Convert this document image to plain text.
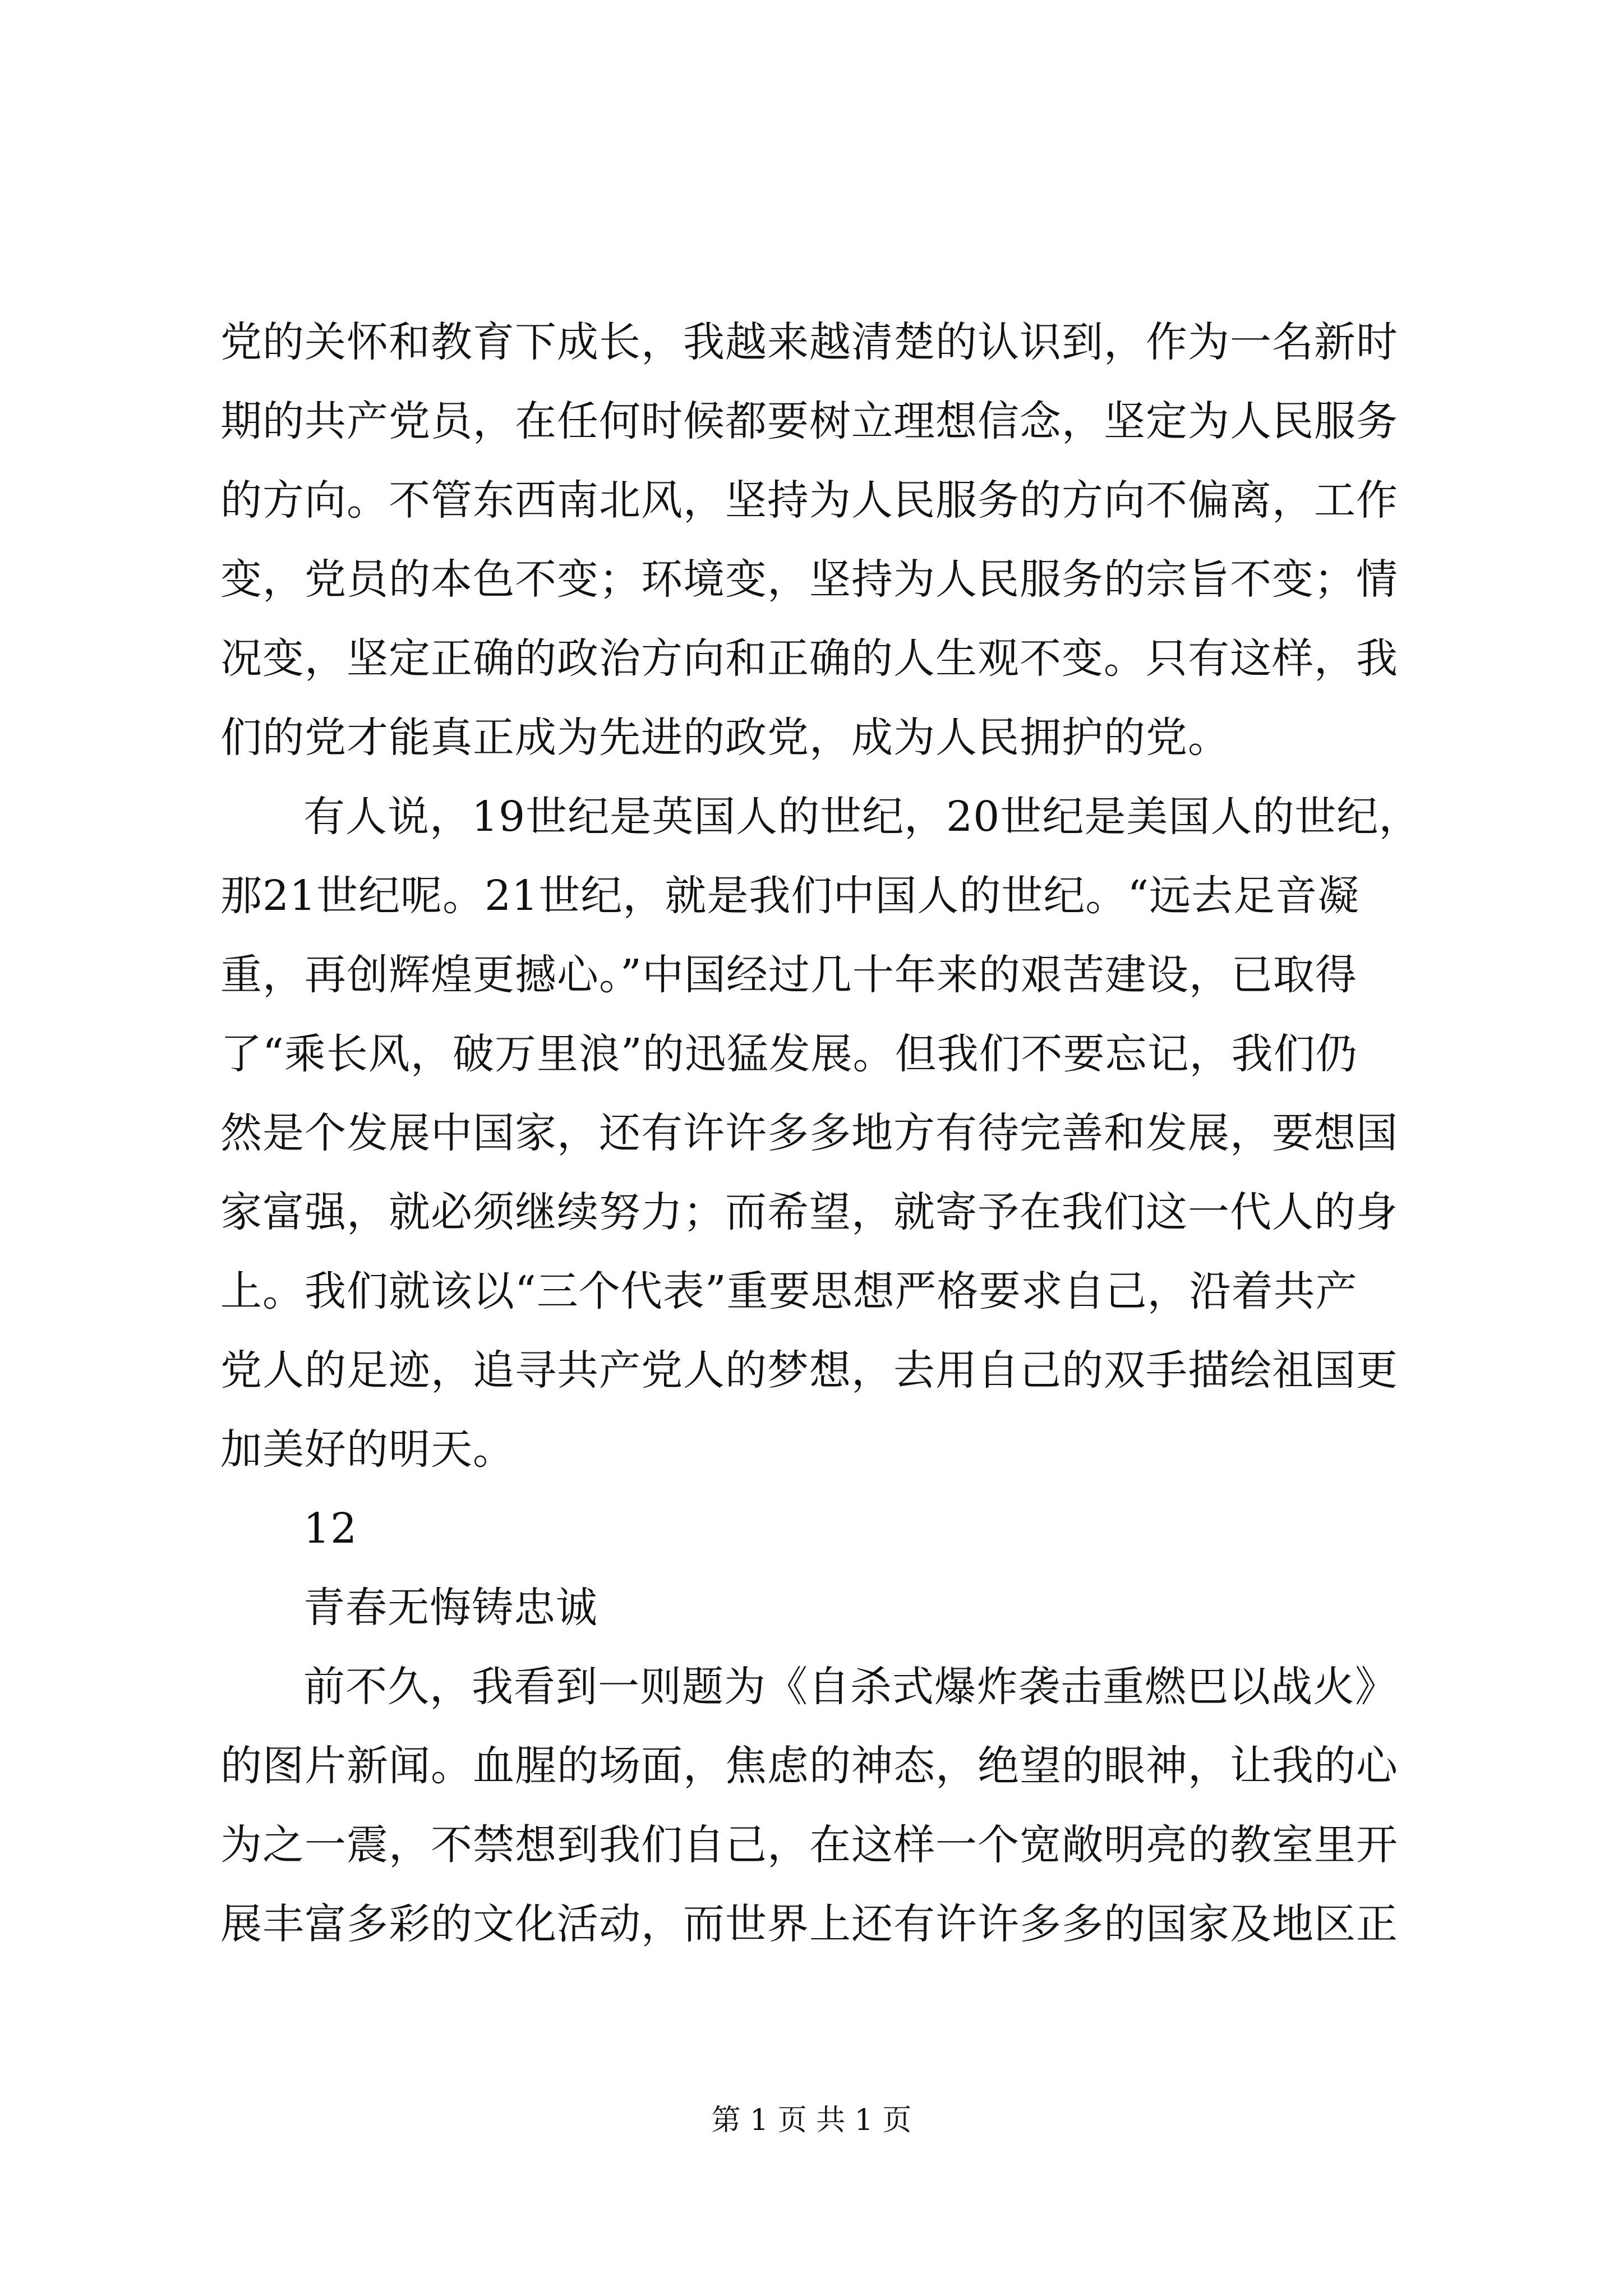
党的关怀和教育下成长，我越来越清楚的认识到，作为一名新时
期的共产党员，在任何时候都要树立理想信念，坚定为人民服务
的方向。不管东西南北风，坚持为人民服务的方向不偏离，工作
变，党员的本色不变；环境变，坚持为人民服务的宗旨不变；情
况变，坚定正确的政治方向和正确的人生观不变。只有这样，我
们的党才能真正成为先进的政党，成为人民拥护的党。
有人说，19世纪是英国人的世纪，20世纪是美国人的世纪，
那21世纪呢。21世纪，就是我们中国人的世纪。“远去足音凝
重，再创辉煌更撼心。”中国经过几十年来的艰苦建设，已取得
了“乘长风，破万里浪”的迅猛发展。但我们不要忘记，我们仍
然是个发展中国家，还有许许多多地方有待完善和发展，要想国
家富强，就必须继续努力；而希望，就寄予在我们这一代人的身
上。我们就该以“三个代表”重要思想严格要求自己，沿着共产
党人的足迹，追寻共产党人的梦想，去用自己的双手描绘祖国更
加美好的明天。
12
青春无悔铸忠诚
前不久，我看到一则题为《自杀式爆炸袭击重燃巴以战火》
的图片新闻。血腥的场面，焦虑的神态，绝望的眼神，让我的心
为之一震，不禁想到我们自己，在这样一个宽敞明亮的教室里开
展丰富多彩的文化活动，而世界上还有许许多多的国家及地区正
第 1 页 共 1 页
